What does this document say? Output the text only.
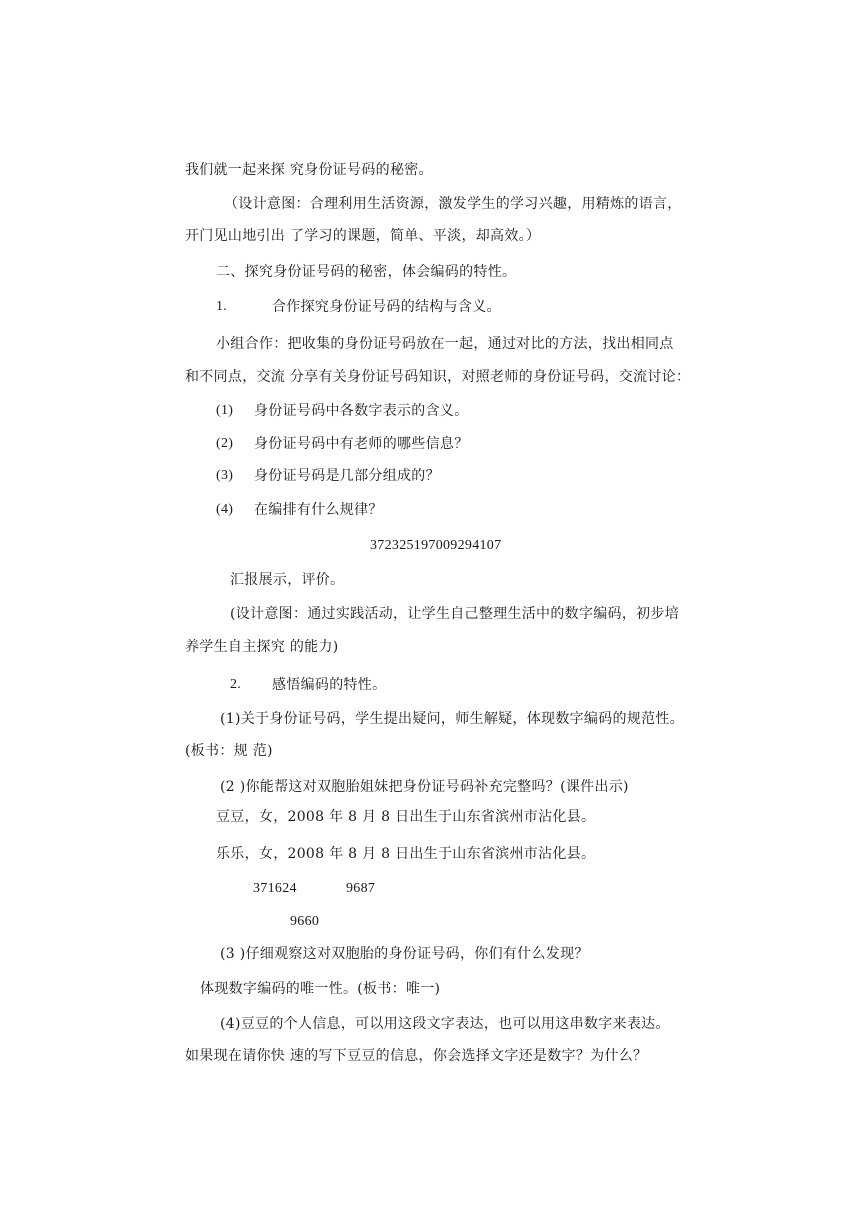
我们就一起来探 究身份证号码的秘密。
（设计意图：合理利用生活资源，激发学生的学习兴趣，用精炼的语言，
开门见山地引出 了学习的课题，简单、平淡，却高效。）
二、探究身份证号码的秘密，体会编码的特性。
1.	合作探究身份证号码的结构与含义。
小组合作：把收集的身份证号码放在一起，通过对比的方法，找出相同点
和不同点，交流 分享有关身份证号码知识，对照老师的身份证号码，交流讨论：
(1) 身份证号码中各数字表示的含义。
(2) 身份证号码中有老师的哪些信息？
(3) 身份证号码是几部分组成的？
(4) 在编排有什么规律？
372325197009294107
汇报展示，评价。
(设计意图：通过实践活动，让学生自己整理生活中的数字编码，初步培
养学生自主探究 的能力)
2. 感悟编码的特性。
(1)关于身份证号码，学生提出疑问，师生解疑，体现数字编码的规范性。
(板书：规 范)
(2 )你能帮这对双胞胎姐妹把身份证号码补充完整吗？(课件出示)
豆豆，女，2008 年 8 月 8 日出生于山东省滨州市沾化县。
乐乐，女，2008 年 8 月 8 日出生于山东省滨州市沾化县。
371624	9687
9660
(3 )仔细观察这对双胞胎的身份证号码，你们有什么发现？
体现数字编码的唯一性。(板书：唯一)
(4)豆豆的个人信息，可以用这段文字表达，也可以用这串数字来表达。
如果现在请你快 速的写下豆豆的信息，你会选择文字还是数字？为什么？
